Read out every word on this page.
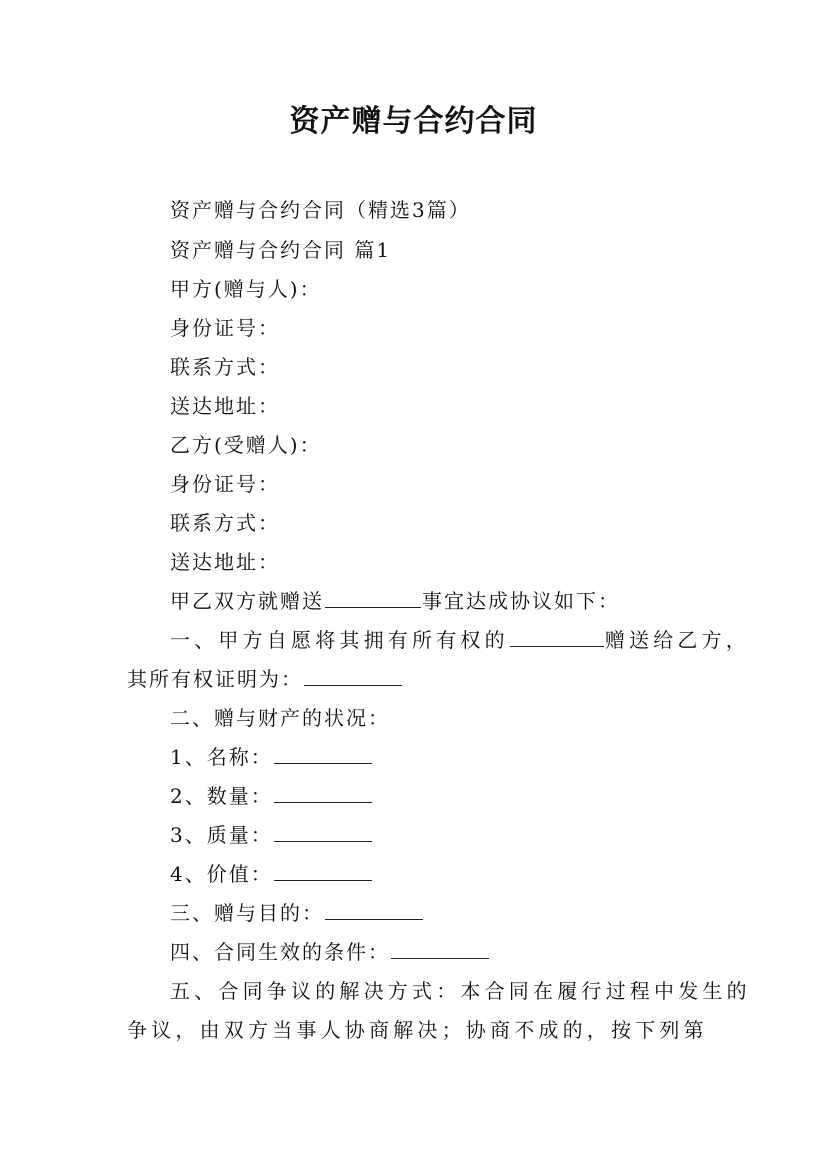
资产赠与合约合同
资产赠与合约合同（精选3篇）
资产赠与合约合同 篇1
甲方(赠与人)：
身份证号：
联系方式：
送达地址：
乙方(受赠人)：
身份证号：
联系方式：
送达地址：
甲乙双方就赠送	事宜达成协议如下：
一、甲方自愿将其拥有所有权的	赠送给乙方，
其所有权证明为：
二、赠与财产的状况：
1、名称：
2、数量：
3、质量：
4、价值：
三、赠与目的：
四、合同生效的条件：
五、合同争议的解决方式：本合同在履行过程中发生的
争议，由双方当事人协商解决；协商不成的，按下列第
